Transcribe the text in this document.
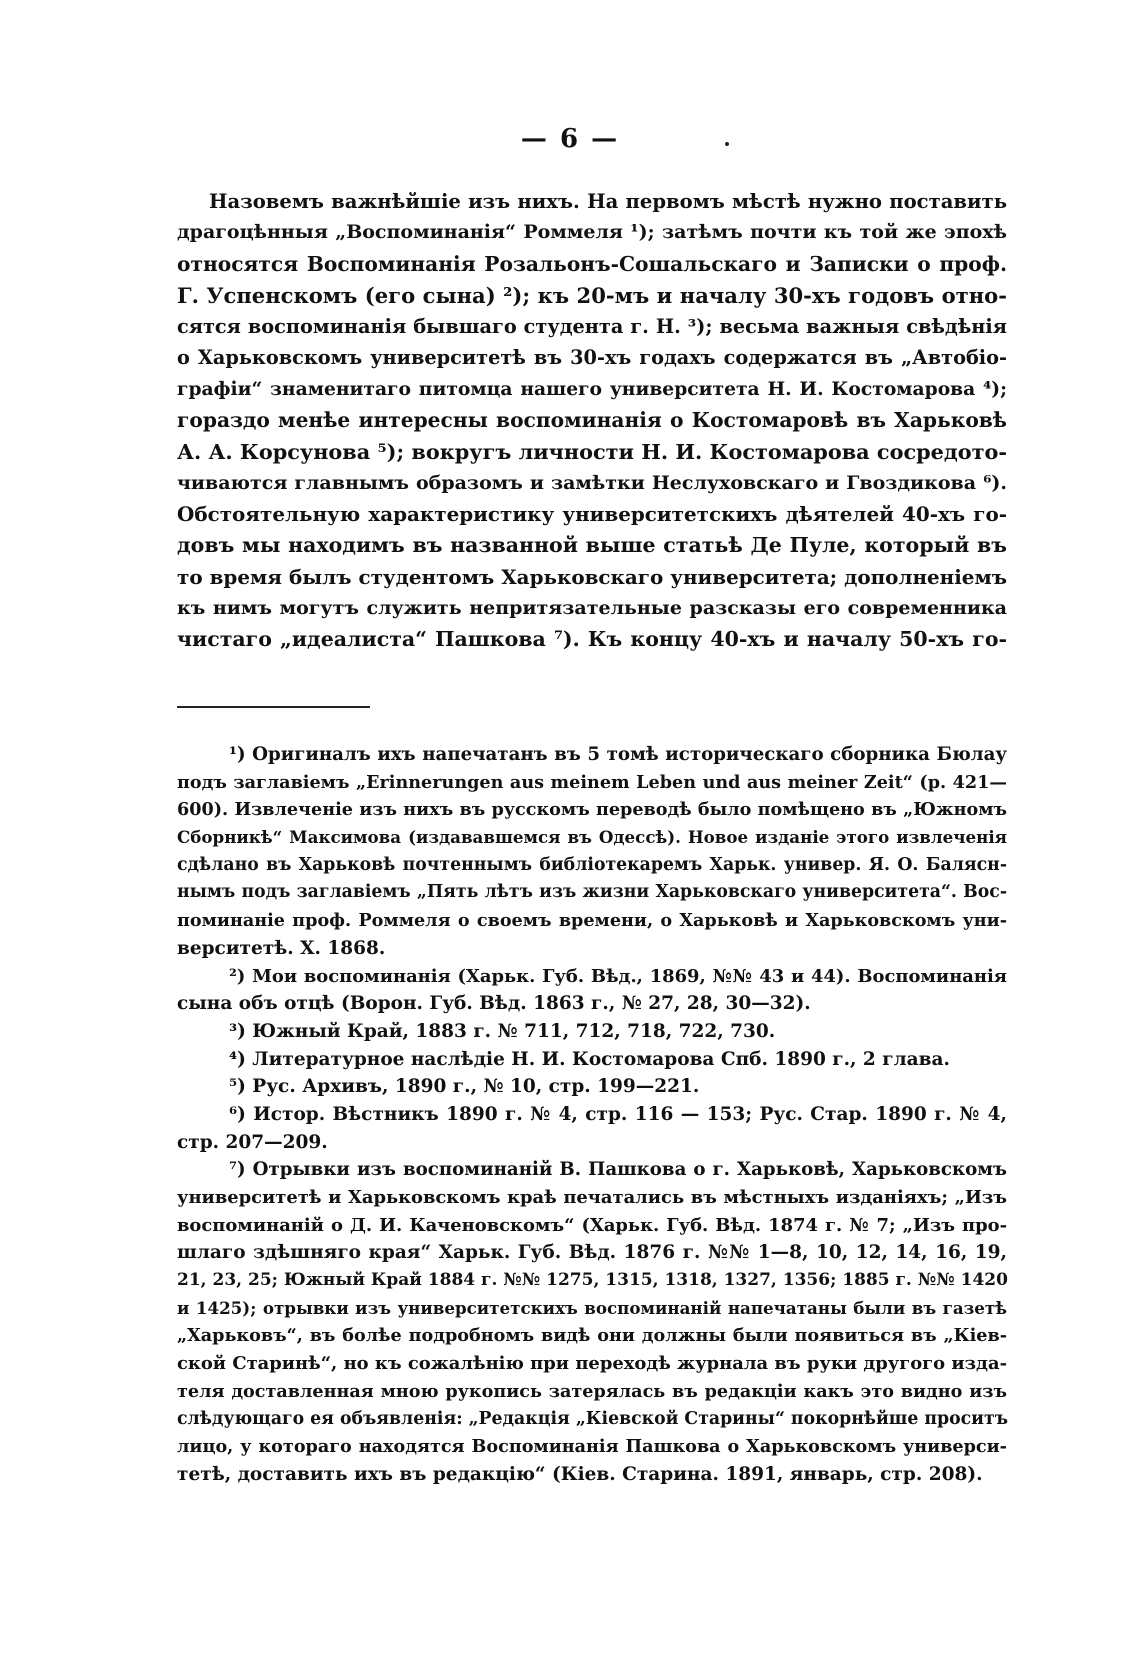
— 6 —
Назовемъ важнѣйшіе изъ нихъ. На первомъ мѣстѣ нужно поставить
драгоцѣнныя „Воспоминанія“ Роммеля ¹); затѣмъ почти къ той же эпохѣ
относятся Воспоминанія Розальонъ-Сошальскаго и Записки о проф.
Г. Успенскомъ (его сына) ²); къ 20-мъ и началу 30-хъ годовъ отно-
сятся воспоминанія бывшаго студента г. Н. ³); весьма важныя свѣдѣнія
о Харьковскомъ университетѣ въ 30-хъ годахъ содержатся въ „Автобіо-
графіи“ знаменитаго питомца нашего университета Н. И. Костомарова ⁴);
гораздо менѣе интересны воспоминанія о Костомаровѣ въ Харьковѣ
А. А. Корсунова ⁵); вокругъ личности Н. И. Костомарова сосредото-
чиваются главнымъ образомъ и замѣтки Неслуховскаго и Гвоздикова ⁶).
Обстоятельную характеристику университетскихъ дѣятелей 40-хъ го-
довъ мы находимъ въ названной выше статьѣ Де Пуле, который въ
то время былъ студентомъ Харьковскаго университета; дополненіемъ
къ нимъ могутъ служить непритязательные разсказы его современника
чистаго „идеалиста“ Пашкова ⁷). Къ концу 40-хъ и началу 50-хъ го-
¹) Оригиналъ ихъ напечатанъ въ 5 томѣ историческаго сборника Бюлау
подъ заглавіемъ „Erinnerungen aus meinem Leben und aus meiner Zeit“ (p. 421—
600). Извлеченіе изъ нихъ въ русскомъ переводѣ было помѣщено въ „Южномъ
Сборникѣ“ Максимова (издававшемся въ Одессѣ). Новое изданіе этого извлеченія
сдѣлано въ Харьковѣ почтеннымъ библіотекаремъ Харьк. универ. Я. О. Балясн-
нымъ подъ заглавіемъ „Пять лѣтъ изъ жизни Харьковскаго университета“. Вос-
поминаніе проф. Роммеля о своемъ времени, о Харьковѣ и Харьковскомъ уни-
верситетѣ. Х. 1868.
²) Мои воспоминанія (Харьк. Губ. Вѣд., 1869, №№ 43 и 44). Воспоминанія
сына объ отцѣ (Ворон. Губ. Вѣд. 1863 г., № 27, 28, 30—32).
³) Южный Край, 1883 г. № 711, 712, 718, 722, 730.
⁴) Литературное наслѣдіе Н. И. Костомарова Спб. 1890 г., 2 глава.
⁵) Рус. Архивъ, 1890 г., № 10, стр. 199—221.
⁶) Истор. Вѣстникъ 1890 г. № 4, стр. 116 — 153; Рус. Стар. 1890 г. № 4,
стр. 207—209.
⁷) Отрывки изъ воспоминаній В. Пашкова о г. Харьковѣ, Харьковскомъ
университетѣ и Харьковскомъ краѣ печатались въ мѣстныхъ изданіяхъ; „Изъ
воспоминаній о Д. И. Каченовскомъ“ (Харьк. Губ. Вѣд. 1874 г. № 7; „Изъ про-
шлаго здѣшняго края“ Харьк. Губ. Вѣд. 1876 г. №№ 1—8, 10, 12, 14, 16, 19,
21, 23, 25; Южный Край 1884 г. №№ 1275, 1315, 1318, 1327, 1356; 1885 г. №№ 1420
и 1425); отрывки изъ университетскихъ воспоминаній напечатаны были въ газетѣ
„Харьковъ“, въ болѣе подробномъ видѣ они должны были появиться въ „Кіев-
ской Старинѣ“, но къ сожалѣнію при переходѣ журнала въ руки другого изда-
теля доставленная мною рукопись затерялась въ редакціи какъ это видно изъ
слѣдующаго ея объявленія: „Редакція „Кіевской Старины“ покорнѣйше проситъ
лицо, у котораго находятся Воспоминанія Пашкова о Харьковскомъ универси-
тетѣ, доставить ихъ въ редакцію“ (Кіев. Старина. 1891, январь, стр. 208).
